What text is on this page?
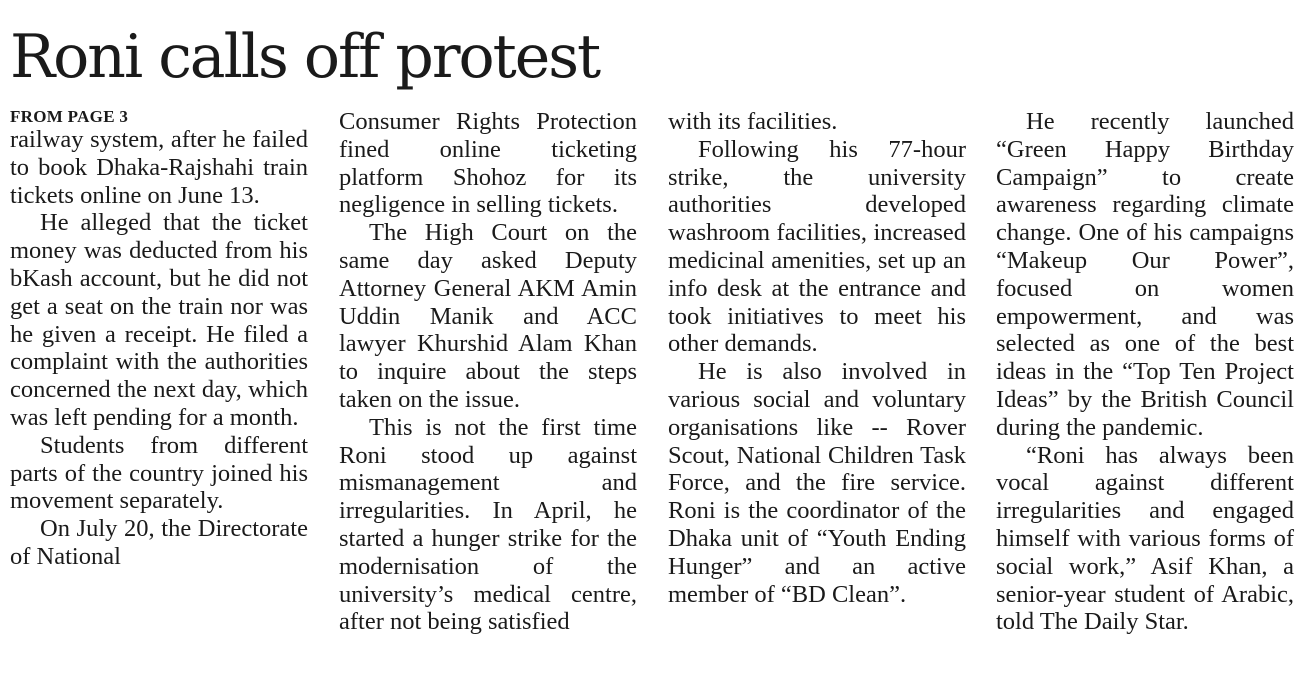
Roni calls off protest
FROM PAGE 3

railway system, after he failed to book Dhaka-Rajshahi train tickets online on June 13.

He alleged that the ticket money was deducted from his bKash account, but he did not get a seat on the train nor was he given a receipt. He filed a complaint with the authorities concerned the next day, which was left pending for a month.

Students from different parts of the country joined his movement separately.

On July 20, the Directorate of National

Consumer Rights Protection fined online ticketing platform Shohoz for its negligence in selling tickets.

The High Court on the same day asked Deputy Attorney General AKM Amin Uddin Manik and ACC lawyer Khurshid Alam Khan to inquire about the steps taken on the issue.

This is not the first time Roni stood up against mismanagement and irregularities. In April, he started a hunger strike for the modernisation of the university’s medical centre, after not being satisfied

with its facilities.

Following his 77-hour strike, the university authorities developed washroom facilities, increased medicinal amenities, set up an info desk at the entrance and took initiatives to meet his other demands.

He is also involved in various social and voluntary organisations like -- Rover Scout, National Children Task Force, and the fire service. Roni is the coordinator of the Dhaka unit of “Youth Ending Hunger” and an active member of “BD Clean”.

He recently launched “Green Happy Birthday Campaign” to create awareness regarding climate change. One of his campaigns “Makeup Our Power”, focused on women empowerment, and was selected as one of the best ideas in the “Top Ten Project Ideas” by the British Council during the pandemic.

“Roni has always been vocal against different irregularities and engaged himself with various forms of social work,” Asif Khan, a senior-year student of Arabic, told The Daily Star.
